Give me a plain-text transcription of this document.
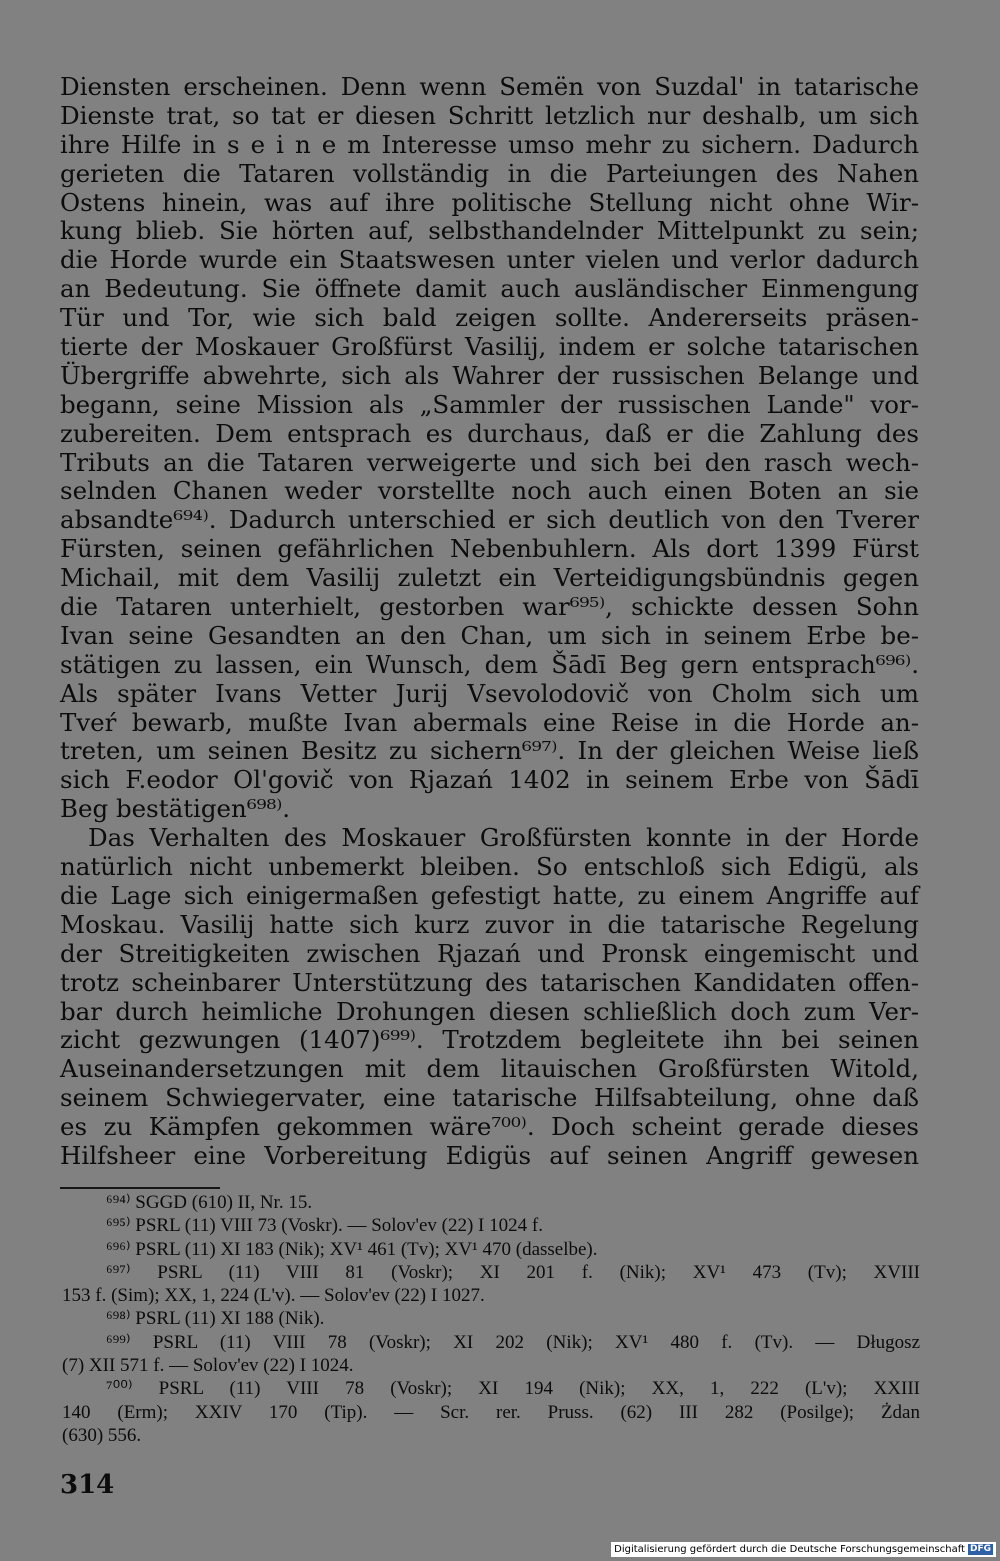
Diensten erscheinen. Denn wenn Semën von Suzdal' in tatarische
Dienste trat, so tat er diesen Schritt letzlich nur deshalb, um sich
ihre Hilfe in s e i n e m Interesse umso mehr zu sichern. Dadurch
gerieten die Tataren vollständig in die Parteiungen des Nahen
Ostens hinein, was auf ihre politische Stellung nicht ohne Wir-
kung blieb. Sie hörten auf, selbsthandelnder Mittelpunkt zu sein;
die Horde wurde ein Staatswesen unter vielen und verlor dadurch
an Bedeutung. Sie öffnete damit auch ausländischer Einmengung
Tür und Tor, wie sich bald zeigen sollte. Andererseits präsen-
tierte der Moskauer Großfürst Vasilij, indem er solche tatarischen
Übergriffe abwehrte, sich als Wahrer der russischen Belange und
begann, seine Mission als „Sammler der russischen Lande" vor-
zubereiten. Dem entsprach es durchaus, daß er die Zahlung des
Tributs an die Tataren verweigerte und sich bei den rasch wech-
selnden Chanen weder vorstellte noch auch einen Boten an sie
absandte⁶⁹⁴⁾. Dadurch unterschied er sich deutlich von den Tverer
Fürsten, seinen gefährlichen Nebenbuhlern. Als dort 1399 Fürst
Michail, mit dem Vasilij zuletzt ein Verteidigungsbündnis gegen
die Tataren unterhielt, gestorben war⁶⁹⁵⁾, schickte dessen Sohn
Ivan seine Gesandten an den Chan, um sich in seinem Erbe be-
stätigen zu lassen, ein Wunsch, dem Šādī Beg gern entsprach⁶⁹⁶⁾.
Als später Ivans Vetter Jurij Vsevolodovič von Cholm sich um
Tveŕ bewarb, mußte Ivan abermals eine Reise in die Horde an-
treten, um seinen Besitz zu sichern⁶⁹⁷⁾. In der gleichen Weise ließ
sich F.eodor Ol'govič von Rjazań 1402 in seinem Erbe von Šādī
Beg bestätigen⁶⁹⁸⁾.
Das Verhalten des Moskauer Großfürsten konnte in der Horde
natürlich nicht unbemerkt bleiben. So entschloß sich Edigü, als
die Lage sich einigermaßen gefestigt hatte, zu einem Angriffe auf
Moskau. Vasilij hatte sich kurz zuvor in die tatarische Regelung
der Streitigkeiten zwischen Rjazań und Pronsk eingemischt und
trotz scheinbarer Unterstützung des tatarischen Kandidaten offen-
bar durch heimliche Drohungen diesen schließlich doch zum Ver-
zicht gezwungen (1407)⁶⁹⁹⁾. Trotzdem begleitete ihn bei seinen
Auseinandersetzungen mit dem litauischen Großfürsten Witold,
seinem Schwiegervater, eine tatarische Hilfsabteilung, ohne daß
es zu Kämpfen gekommen wäre⁷⁰⁰⁾. Doch scheint gerade dieses
Hilfsheer eine Vorbereitung Edigüs auf seinen Angriff gewesen
⁶⁹⁴⁾ SGGD (610) II, Nr. 15.
⁶⁹⁵⁾ PSRL (11) VIII 73 (Voskr). — Solov'ev (22) I 1024 f.
⁶⁹⁶⁾ PSRL (11) XI 183 (Nik); XV¹ 461 (Tv); XV¹ 470 (dasselbe).
⁶⁹⁷⁾ PSRL (11) VIII 81 (Voskr); XI 201 f. (Nik); XV¹ 473 (Tv); XVIII
153 f. (Sim); XX, 1, 224 (L'v). — Solov'ev (22) I 1027.
⁶⁹⁸⁾ PSRL (11) XI 188 (Nik).
⁶⁹⁹⁾ PSRL (11) VIII 78 (Voskr); XI 202 (Nik); XV¹ 480 f. (Tv). — Długosz
(7) XII 571 f. — Solov'ev (22) I 1024.
⁷⁰⁰⁾ PSRL (11) VIII 78 (Voskr); XI 194 (Nik); XX, 1, 222 (L'v); XXIII
140 (Erm); XXIV 170 (Tip). — Scr. rer. Pruss. (62) III 282 (Posilge); Żdan
(630) 556.
314
Digitalisierung gefördert durch die Deutsche Forschungsgemeinschaft DFG
